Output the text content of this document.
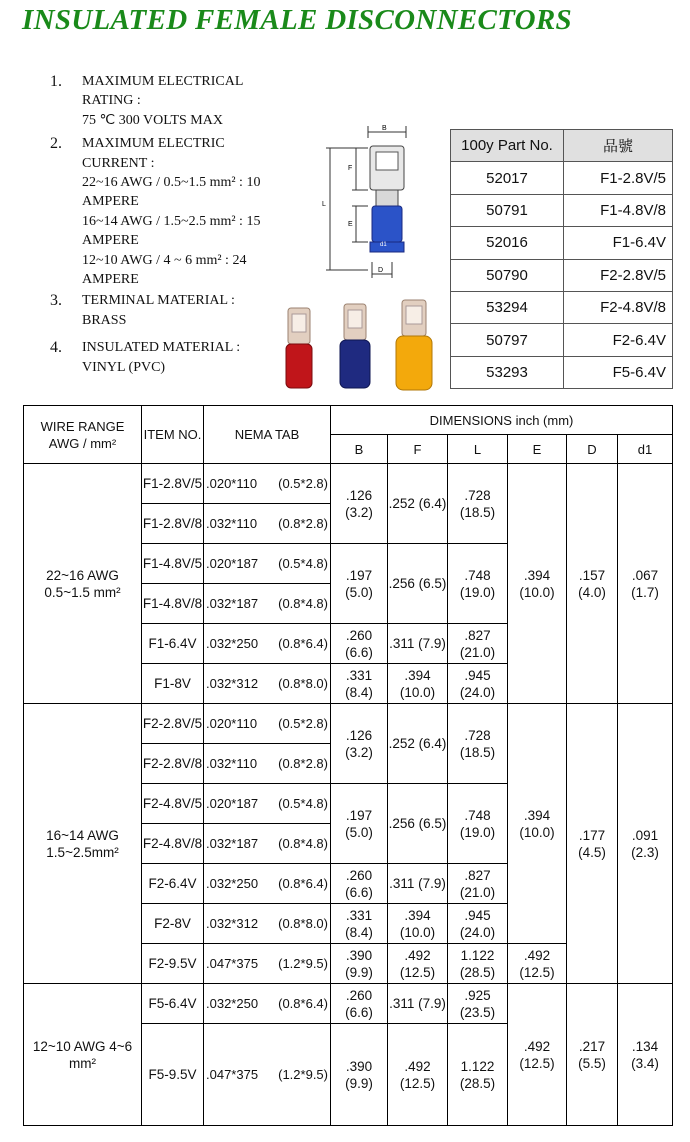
INSULATED FEMALE DISCONNECTORS
1.	MAXIMUM ELECTRICAL
RATING :
75 ℃ 300 VOLTS MAX
2.	MAXIMUM ELECTRIC
CURRENT :
22~16 AWG / 0.5~1.5 mm² : 10
AMPERE
16~14 AWG / 1.5~2.5 mm² : 15
AMPERE
12~10 AWG / 4 ~ 6 mm² : 24
AMPERE
3.	TERMINAL MATERIAL :
BRASS
4.	INSULATED MATERIAL :
VINYL (PVC)
B
F
L
E
d1
D
100y Part No.	品號
52017	F1-2.8V/5
50791	F1-4.8V/8
52016	F1-6.4V
50790	F2-2.8V/5
53294	F2-4.8V/8
50797	F2-6.4V
53293	F5-6.4V
WIRE RANGE AWG / mm²	ITEM NO.	NEMA TAB	DIMENSIONS inch (mm)					
			B	F	L	E	D	d1
22~16 AWG 0.5~1.5 mm²	F1-2.8V/5	.020*110 (0.5*2.8)	.126 (3.2)	.252 (6.4)	.728 (18.5)	.394 (10.0)	.157 (4.0)	.067 (1.7)
	F1-2.8V/8	.032*110 (0.8*2.8)						

	F1-4.8V/5	.020*187 (0.5*4.8)	.197 (5.0)	.256 (6.5)	.748 (19.0)			
	F1-4.8V/8	.032*187 (0.8*4.8)						

	F1-6.4V	.032*250 (0.8*6.4)	.260 (6.6)	.311 (7.9)	.827 (21.0)			
	F1-8V	.032*312 (0.8*8.0)	.331 (8.4)	.394 (10.0)	.945 (24.0)			
16~14 AWG 1.5~2.5mm²	F2-2.8V/5	.020*110 (0.5*2.8)	.126 (3.2)	.252 (6.4)	.728 (18.5)	.394 (10.0)	.177 (4.5)	.091 (2.3)
	F2-2.8V/8	.032*110 (0.8*2.8)						

	F2-4.8V/5	.020*187 (0.5*4.8)	.197 (5.0)	.256 (6.5)	.748 (19.0)			
	F2-4.8V/8	.032*187 (0.8*4.8)						

	F2-6.4V	.032*250 (0.8*6.4)	.260 (6.6)	.311 (7.9)	.827 (21.0)			
	F2-8V	.032*312 (0.8*8.0)	.331 (8.4)	.394 (10.0)	.945 (24.0)			
	F2-9.5V	.047*375 (1.2*9.5)	.390 (9.9)	.492 (12.5)	1.122 (28.5)	.492 (12.5)		
12~10 AWG 4~6 mm²	F5-6.4V	.032*250 (0.8*6.4)	.260 (6.6)	.311 (7.9)	.925 (23.5)	.492 (12.5)	.217 (5.5)	.134 (3.4)
	F5-9.5V	.047*375 (1.2*9.5)	.390 (9.9)	.492 (12.5)	1.122 (28.5)			
